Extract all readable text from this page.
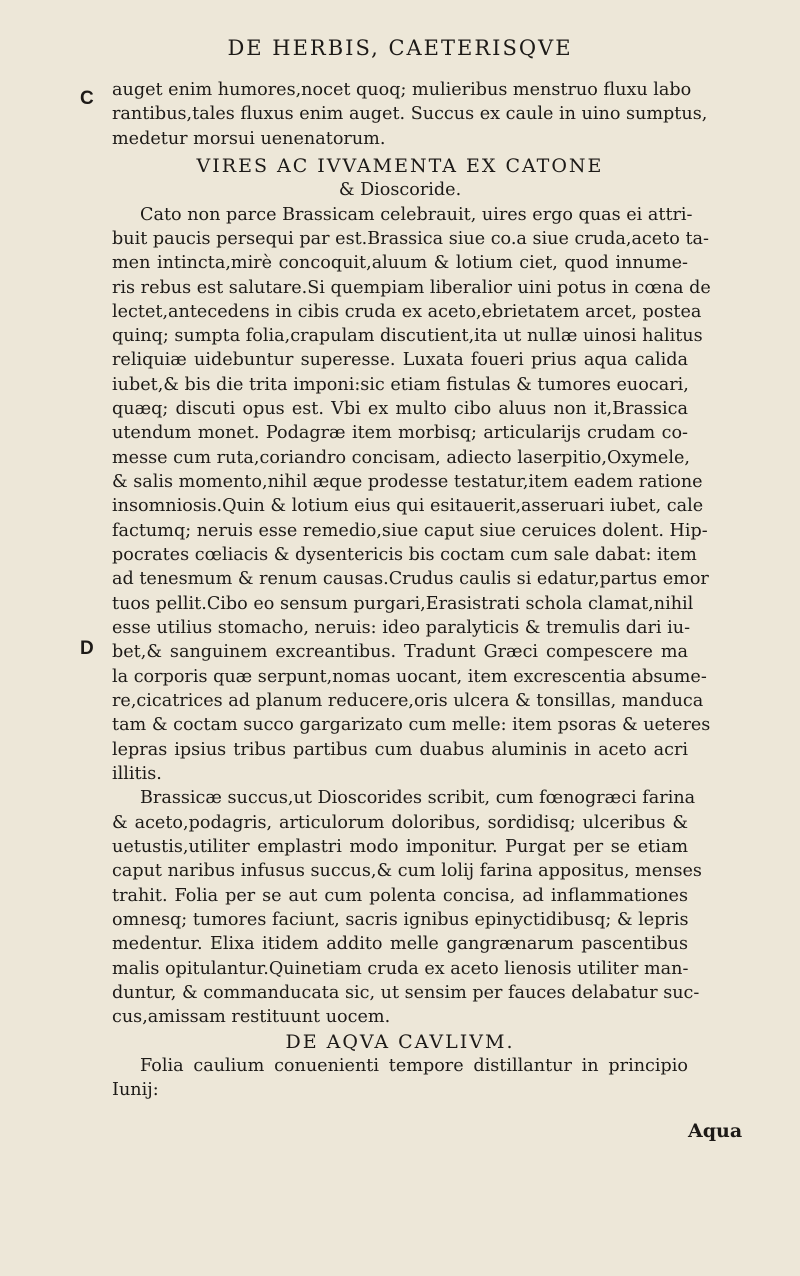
DE HERBIS, CAETERISQVE
C
D
auget enim humores,nocet quoq; mulieribus menstruo fluxu labo
rantibus,tales fluxus enim auget. Succus ex caule in uino sumptus,
medetur morsui uenenatorum.
VIRES AC IVVAMENTA EX CATONE
& Dioscoride.
Cato non parce Brassicam celebrauit, uires ergo quas ei attri-
buit paucis persequi par est.Brassica siue co.a siue cruda,aceto ta-
men intincta,mirè concoquit,aluum & lotium ciet, quod innume-
ris rebus est salutare.Si quempiam liberalior uini potus in cœna de
lectet,antecedens in cibis cruda ex aceto,ebrietatem arcet, postea
quinq; sumpta folia,crapulam discutient,ita ut nullæ uinosi halitus
reliquiæ uidebuntur superesse. Luxata foueri prius aqua calida
iubet,& bis die trita imponi:sic etiam fistulas & tumores euocari,
quæq; discuti opus est. Vbi ex multo cibo aluus non it,Brassica
utendum monet. Podagræ item morbisq; articularijs crudam co-
messe cum ruta,coriandro concisam, adiecto laserpitio,Oxymele,
& salis momento,nihil æque prodesse testatur,item eadem ratione
insomniosis.Quin & lotium eius qui esitauerit,asseruari iubet, cale
factumq; neruis esse remedio,siue caput siue ceruices dolent. Hip-
pocrates cœliacis & dysentericis bis coctam cum sale dabat: item
ad tenesmum & renum causas.Crudus caulis si edatur,partus emor
tuos pellit.Cibo eo sensum purgari,Erasistrati schola clamat,nihil
esse utilius stomacho, neruis: ideo paralyticis & tremulis dari iu-
bet,& sanguinem excreantibus. Tradunt Græci compescere ma
la corporis quæ serpunt,nomas uocant, item excrescentia absume-
re,cicatrices ad planum reducere,oris ulcera & tonsillas, manduca
tam & coctam succo gargarizato cum melle: item psoras & ueteres
lepras ipsius tribus partibus cum duabus aluminis in aceto acri
illitis.
Brassicæ succus,ut Dioscorides scribit, cum fœnogræci farina
& aceto,podagris, articulorum doloribus, sordidisq; ulceribus &
uetustis,utiliter emplastri modo imponitur. Purgat per se etiam
caput naribus infusus succus,& cum lolij farina appositus, menses
trahit. Folia per se aut cum polenta concisa, ad inflammationes
omnesq; tumores faciunt, sacris ignibus epinyctidibusq; & lepris
medentur. Elixa itidem addito melle gangrænarum pascentibus
malis opitulantur.Quinetiam cruda ex aceto lienosis utiliter man-
duntur, & commanducata sic, ut sensim per fauces delabatur suc-
cus,amissam restituunt uocem.
DE AQVA CAVLIVM.
Folia caulium conuenienti tempore distillantur in principio
Iunij:
Aqua
